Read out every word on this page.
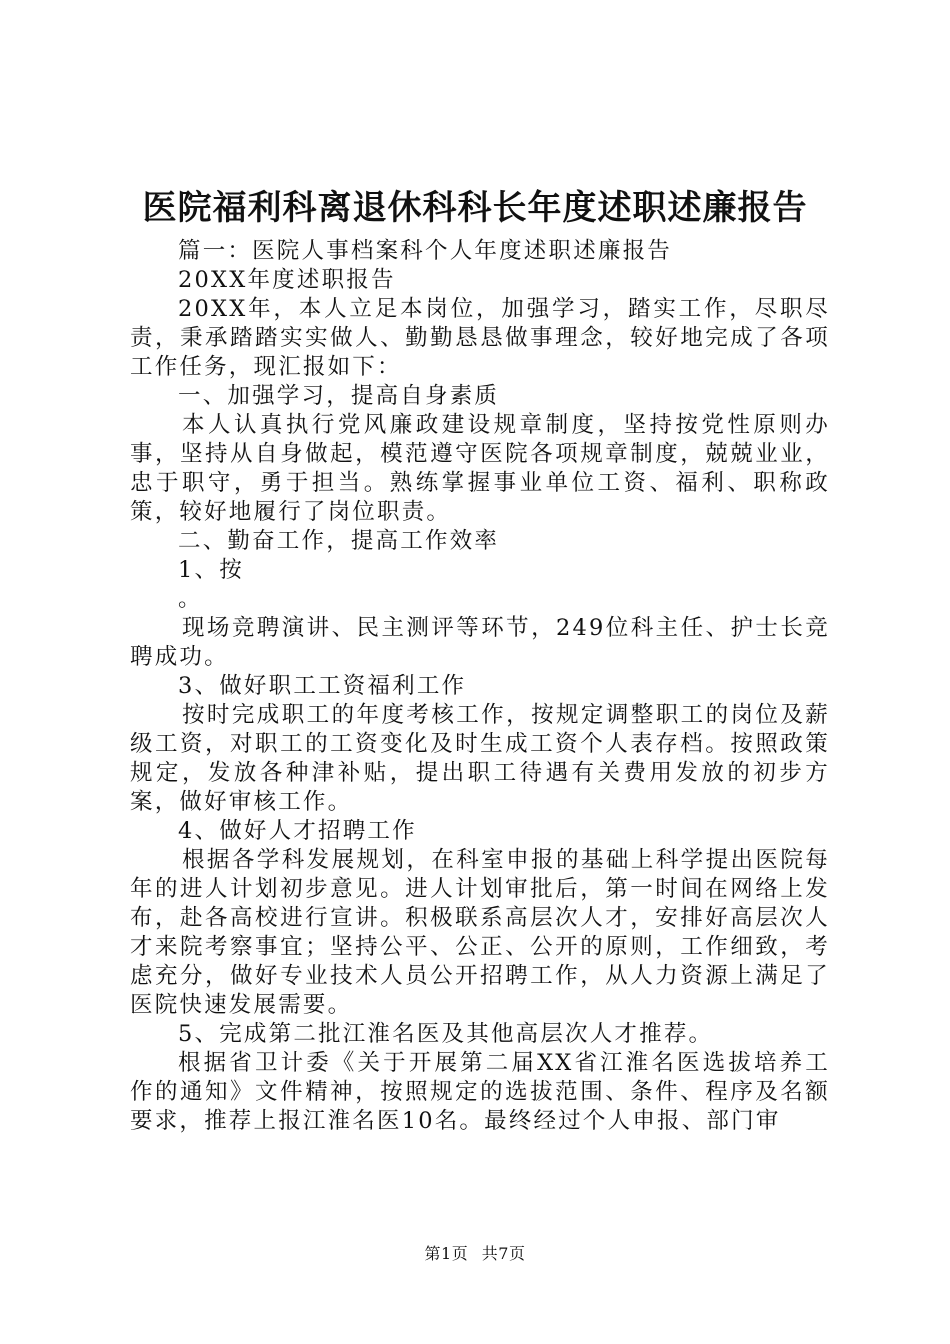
医院福利科离退休科科长年度述职述廉报告

篇一：医院人事档案科个人年度述职述廉报告

20XX年度述职报告

20XX年，本人立足本岗位，加强学习，踏实工作，尽职尽责，秉承踏踏实实做人、勤勤恳恳做事理念，较好地完成了各项工作任务，现汇报如下：

一、加强学习，提高自身素质

本人认真执行党风廉政建设规章制度，坚持按党性原则办事，坚持从自身做起，模范遵守医院各项规章制度，兢兢业业，忠于职守，勇于担当。熟练掌握事业单位工资、福利、职称政策，较好地履行了岗位职责。

二、勤奋工作，提高工作效率

1、按

。

现场竞聘演讲、民主测评等环节，249位科主任、护士长竞聘成功。

3、做好职工工资福利工作

按时完成职工的年度考核工作，按规定调整职工的岗位及薪级工资，对职工的工资变化及时生成工资个人表存档。按照政策规定，发放各种津补贴，提出职工待遇有关费用发放的初步方案，做好审核工作。

4、做好人才招聘工作

根据各学科发展规划，在科室申报的基础上科学提出医院每年的进人计划初步意见。进人计划审批后，第一时间在网络上发布，赴各高校进行宣讲。积极联系高层次人才，安排好高层次人才来院考察事宜；坚持公平、公正、公开的原则，工作细致，考虑充分，做好专业技术人员公开招聘工作，从人力资源上满足了医院快速发展需要。

5、完成第二批江淮名医及其他高层次人才推荐。

根据省卫计委《关于开展第二届XX省江淮名医选拔培养工作的通知》文件精神，按照规定的选拔范围、条件、程序及名额要求，推荐上报江淮名医10名。最终经过个人申报、部门审

第1页 共7页
